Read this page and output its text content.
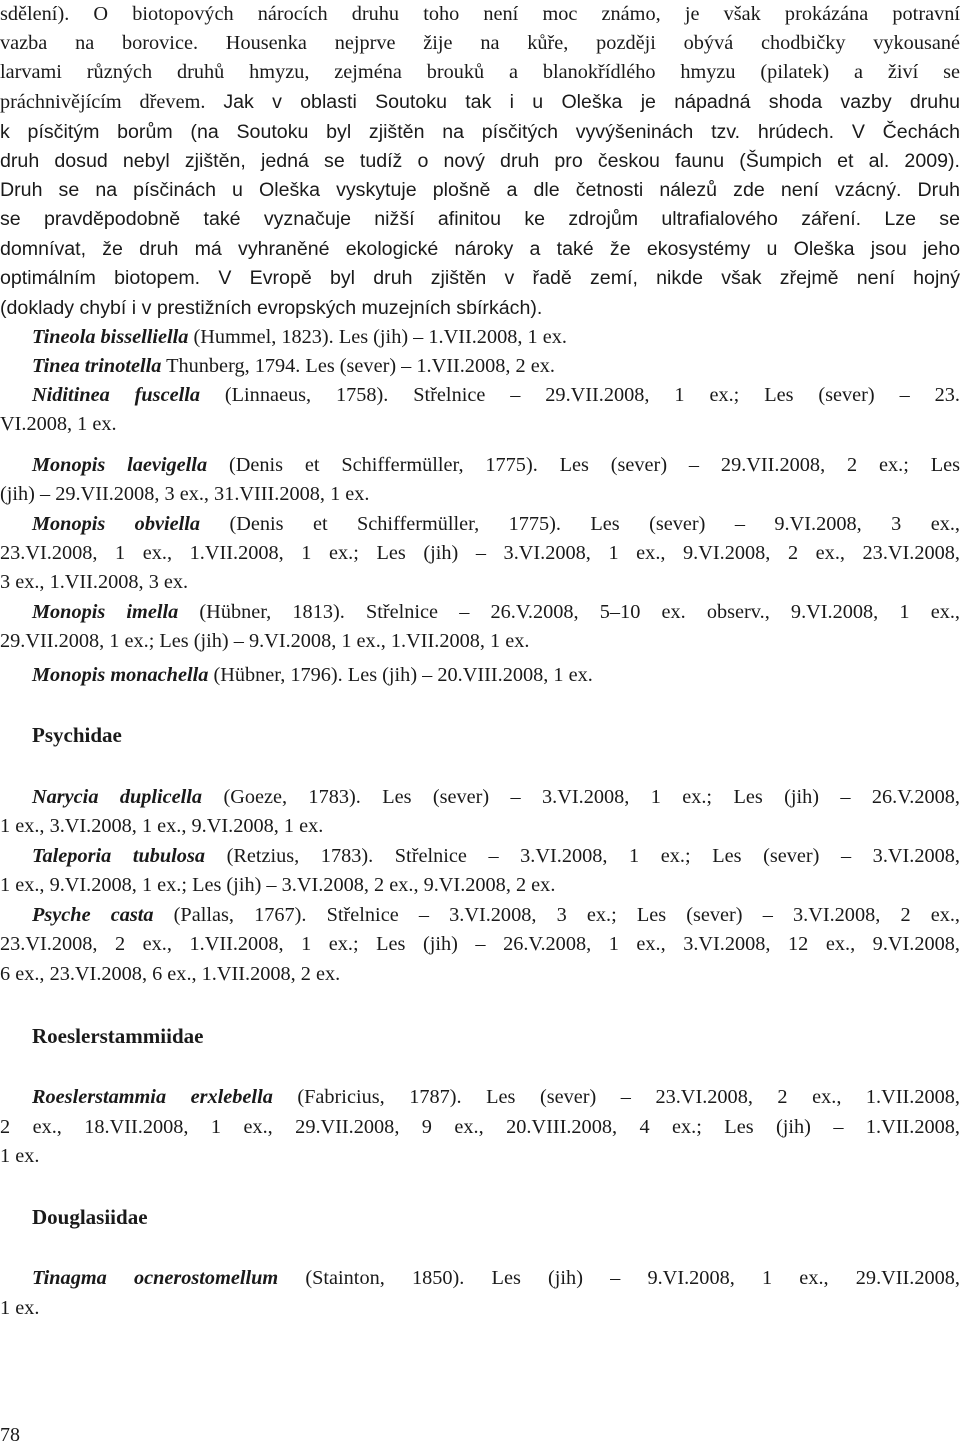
sdělení). O biotopových nárocích druhu toho není moc známo, je však prokázána potravní
vazba na borovice. Housenka nejprve žije na kůře, později obývá chodbičky vykousané
larvami různých druhů hmyzu, zejména brouků a blanokřídlého hmyzu (pilatek) a živí se
práchnivějícím dřevem. Jak v oblasti Soutoku tak i u Oleška je nápadná shoda vazby druhu
k písčitým borům (na Soutoku byl zjištěn na písčitých vyvýšeninách tzv. hrúdech. V Čechách
druh dosud nebyl zjištěn, jedná se tudíž o nový druh pro českou faunu (Šumpich et al. 2009).
Druh se na písčinách u Oleška vyskytuje plošně a dle četnosti nálezů zde není vzácný. Druh
se pravděpodobně také vyznačuje nižší afinitou ke zdrojům ultrafialového záření. Lze se
domnívat, že druh má vyhraněné ekologické nároky a také že ekosystémy u Oleška jsou jeho
optimálním biotopem. V Evropě byl druh zjištěn v řadě zemí, nikde však zřejmě není hojný
(doklady chybí i v prestižních evropských muzejních sbírkách).
Tineola bisselliella (Hummel, 1823). Les (jih) – 1.VII.2008, 1 ex.
Tinea trinotella Thunberg, 1794. Les (sever) – 1.VII.2008, 2 ex.
Niditinea fuscella (Linnaeus, 1758). Střelnice – 29.VII.2008, 1 ex.; Les (sever) – 23.
VI.2008, 1 ex.
Monopis laevigella (Denis et Schiffermüller, 1775). Les (sever) – 29.VII.2008, 2 ex.; Les
(jih) – 29.VII.2008, 3 ex., 31.VIII.2008, 1 ex.
Monopis obviella (Denis et Schiffermüller, 1775). Les (sever) – 9.VI.2008, 3 ex.,
23.VI.2008, 1 ex., 1.VII.2008, 1 ex.; Les (jih) – 3.VI.2008, 1 ex., 9.VI.2008, 2 ex., 23.VI.2008,
3 ex., 1.VII.2008, 3 ex.
Monopis imella (Hübner, 1813). Střelnice – 26.V.2008, 5–10 ex. observ., 9.VI.2008, 1 ex.,
29.VII.2008, 1 ex.; Les (jih) – 9.VI.2008, 1 ex., 1.VII.2008, 1 ex.
Monopis monachella (Hübner, 1796). Les (jih) – 20.VIII.2008, 1 ex.
Psychidae
Narycia duplicella (Goeze, 1783). Les (sever) – 3.VI.2008, 1 ex.; Les (jih) – 26.V.2008,
1 ex., 3.VI.2008, 1 ex., 9.VI.2008, 1 ex.
Taleporia tubulosa (Retzius, 1783). Střelnice – 3.VI.2008, 1 ex.; Les (sever) – 3.VI.2008,
1 ex., 9.VI.2008, 1 ex.; Les (jih) – 3.VI.2008, 2 ex., 9.VI.2008, 2 ex.
Psyche casta (Pallas, 1767). Střelnice – 3.VI.2008, 3 ex.; Les (sever) – 3.VI.2008, 2 ex.,
23.VI.2008, 2 ex., 1.VII.2008, 1 ex.; Les (jih) – 26.V.2008, 1 ex., 3.VI.2008, 12 ex., 9.VI.2008,
6 ex., 23.VI.2008, 6 ex., 1.VII.2008, 2 ex.
Roeslerstammiidae
Roeslerstammia erxlebella (Fabricius, 1787). Les (sever) – 23.VI.2008, 2 ex., 1.VII.2008,
2 ex., 18.VII.2008, 1 ex., 29.VII.2008, 9 ex., 20.VIII.2008, 4 ex.; Les (jih) – 1.VII.2008,
1 ex.
Douglasiidae
Tinagma ocnerostomellum (Stainton, 1850). Les (jih) – 9.VI.2008, 1 ex., 29.VII.2008,
1 ex.
78
